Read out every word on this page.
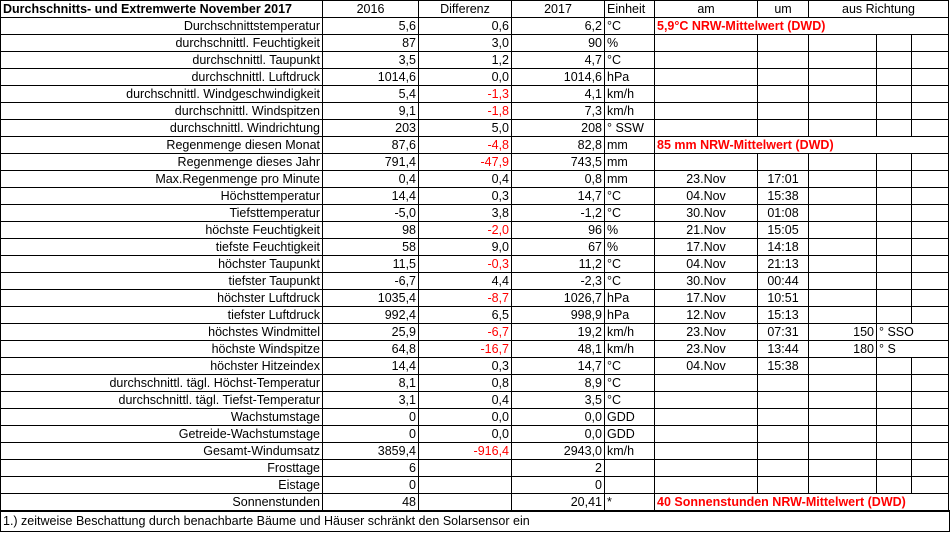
Durchschnitts- und Extremwerte November 2017	2016	Differenz	2017	Einheit	am	um	aus Richtung		
Durchschnittstemperatur	5,6	0,6	6,2	°C	5,9°C NRW-Mittelwert (DWD)				
durchschnittl. Feuchtigkeit	87	3,0	90	%					
durchschnittl. Taupunkt	3,5	1,2	4,7	°C					
durchschnittl. Luftdruck	1014,6	0,0	1014,6	hPa					
durchschnittl. Windgeschwindigkeit	5,4	-1,3	4,1	km/h					
durchschnittl. Windspitzen	9,1	-1,8	7,3	km/h					
durchschnittl. Windrichtung	203	5,0	208	° SSW					
Regenmenge diesen Monat	87,6	-4,8	82,8	mm	85 mm NRW-Mittelwert (DWD)				
Regenmenge dieses Jahr	791,4	-47,9	743,5	mm					
Max.Regenmenge pro Minute	0,4	0,4	0,8	mm	23.Nov	17:01			
Höchsttemperatur	14,4	0,3	14,7	°C	04.Nov	15:38			
Tiefsttemperatur	-5,0	3,8	-1,2	°C	30.Nov	01:08			
höchste Feuchtigkeit	98	-2,0	96	%	21.Nov	15:05			
tiefste Feuchtigkeit	58	9,0	67	%	17.Nov	14:18			
höchster Taupunkt	11,5	-0,3	11,2	°C	04.Nov	21:13			
tiefster Taupunkt	-6,7	4,4	-2,3	°C	30.Nov	00:44			
höchster Luftdruck	1035,4	-8,7	1026,7	hPa	17.Nov	10:51			
tiefster Luftdruck	992,4	6,5	998,9	hPa	12.Nov	15:13			
höchstes Windmittel	25,9	-6,7	19,2	km/h	23.Nov	07:31	150	° SSO	
höchste Windspitze	64,8	-16,7	48,1	km/h	23.Nov	13:44	180	° S	
höchster Hitzeindex	14,4	0,3	14,7	°C	04.Nov	15:38			
durchschnittl. tägl. Höchst-Temperatur	8,1	0,8	8,9	°C					
durchschnittl. tägl. Tiefst-Temperatur	3,1	0,4	3,5	°C					
Wachstumstage	0	0,0	0,0	GDD					
Getreide-Wachstumstage	0	0,0	0,0	GDD					
Gesamt-Windumsatz	3859,4	-916,4	2943,0	km/h					
Frosttage	6		2						
Eistage	0		0						
Sonnenstunden	48		20,41	*	40 Sonnenstunden NRW-Mittelwert (DWD)				
1.) zeitweise Beschattung durch benachbarte Bäume und Häuser schränkt den Solarsensor ein
